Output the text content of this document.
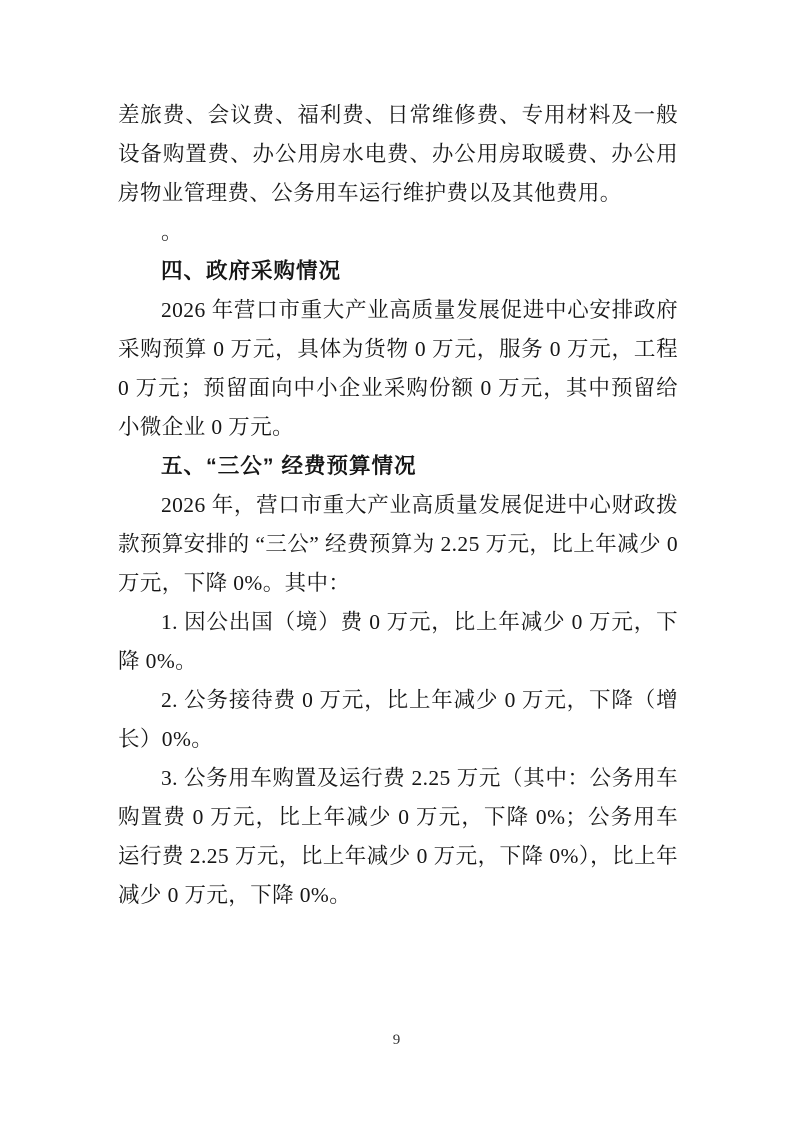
差旅费、会议费、福利费、日常维修费、专用材料及一般设备购置费、办公用房水电费、办公用房取暖费、办公用房物业管理费、公务用车运行维护费以及其他费用。

。

四、政府采购情况

2026 年营口市重大产业高质量发展促进中心安排政府采购预算 0 万元，具体为货物 0 万元，服务 0 万元，工程 0 万元；预留面向中小企业采购份额 0 万元，其中预留给小微企业 0 万元。

五、“三公” 经费预算情况

2026 年，营口市重大产业高质量发展促进中心财政拨款预算安排的 “三公” 经费预算为 2.25 万元，比上年减少 0 万元，下降 0%。其中：

1. 因公出国（境）费 0 万元，比上年减少 0 万元，下降 0%。

2. 公务接待费 0 万元，比上年减少 0 万元，下降（增长）0%。

3. 公务用车购置及运行费 2.25 万元（其中：公务用车购置费 0 万元，比上年减少 0 万元，下降 0%；公务用车运行费 2.25 万元，比上年减少 0 万元，下降 0%），比上年减少 0 万元，下降 0%。

9
